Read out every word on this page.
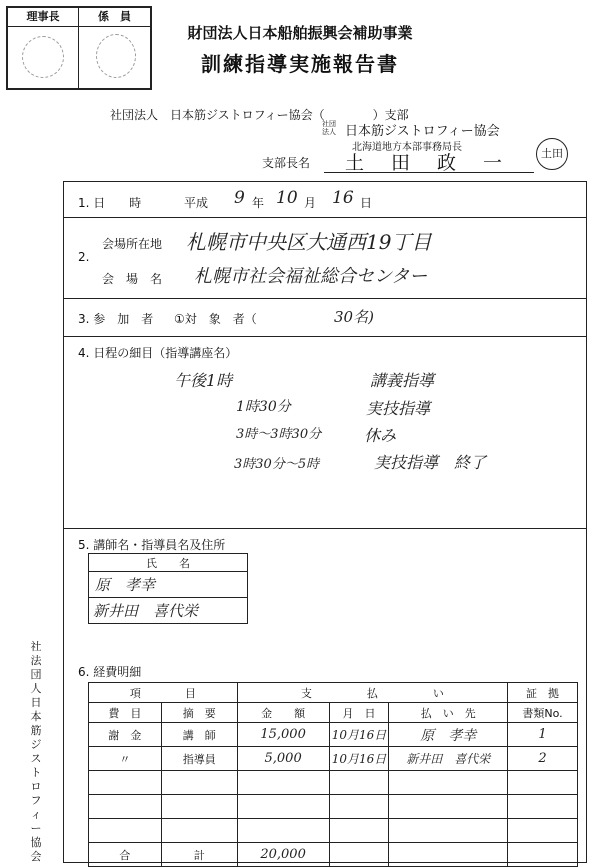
理事長	係　員
財団法人日本船舶振興会補助事業
訓練指導実施報告書
社団法人　日本筋ジストロフィー協会（　　　　）支部
社団法人 日本筋ジストロフィー協会
北海道地方本部事務局長
支部長名 土　田　政　一	土田
1. 日　　時	平成 9 年 10 月 16 日
2.
会場所在地 札幌市中央区大通西19丁目
会　場　名 札幌市社会福祉総合センター
3. 参　加　者 ①対　象　者（	30名)
4. 日程の細目（指導講座名）
午後1時	講義指導
1時30分	実技指導
3時〜3時30分	休み
3時30分〜5時	実技指導　終了
5. 講師名・指導員名及住所
氏　　名
原　孝幸
新井田　喜代栄
6. 経費明細
項　　　　目		支　　　　　払　　　　　い			証　拠
費　目	摘　要	金　　額	月　日	払　い　先	書類No.
謝　金	講　師	15,000	10月16日	原　孝幸	1
〃	指導員	5,000	10月16日	新井田　喜代栄	2

合	計	20,000			
社法団人日本筋ジストロフィー協会
